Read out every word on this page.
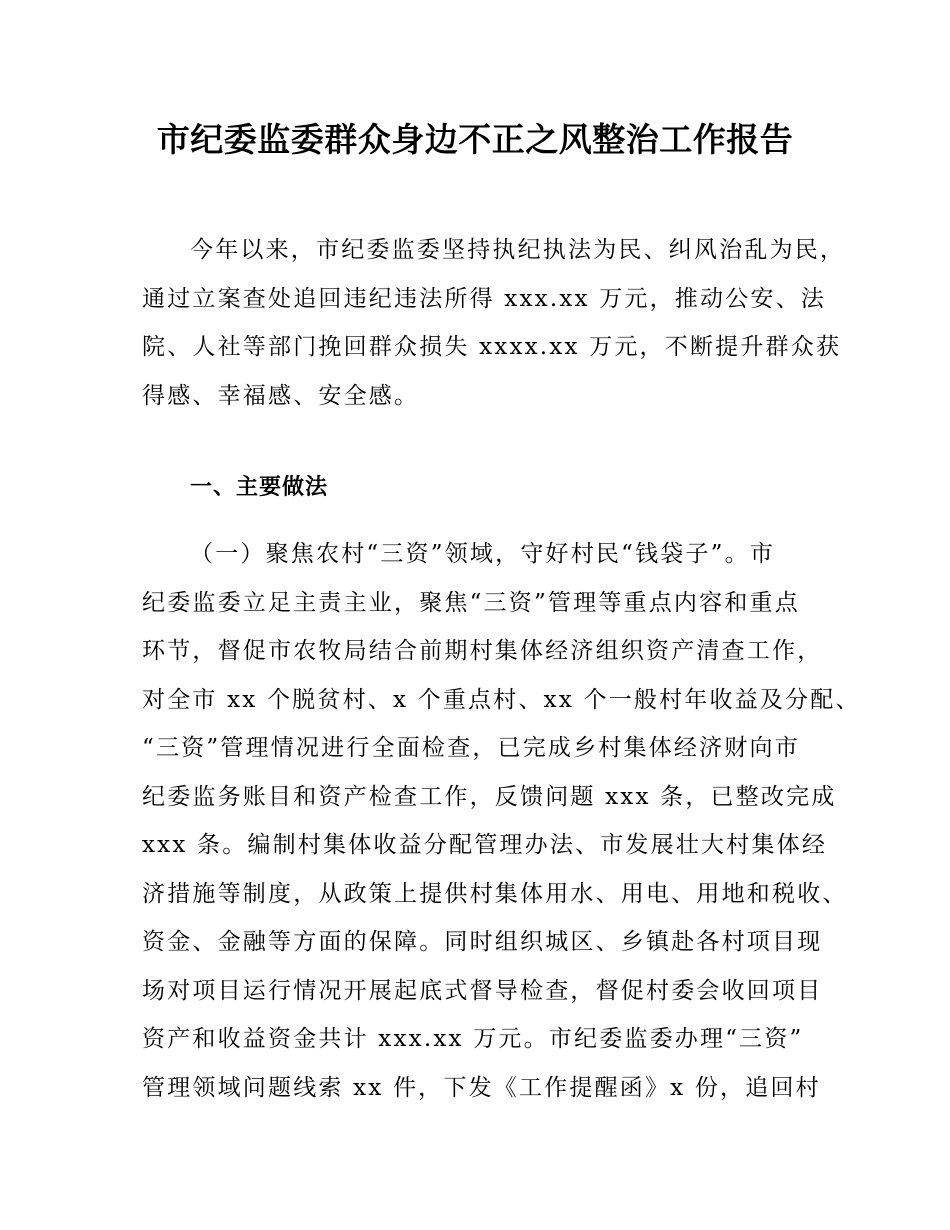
市纪委监委群众身边不正之风整治工作报告
今年以来，市纪委监委坚持执纪执法为民、纠风治乱为民，
通过立案查处追回违纪违法所得 xxx.xx 万元，推动公安、法
院、人社等部门挽回群众损失 xxxx.xx 万元，不断提升群众获
得感、幸福感、安全感。
一、主要做法
（一）聚焦农村“三资”领域，守好村民“钱袋子”。市
纪委监委立足主责主业，聚焦“三资”管理等重点内容和重点
环节，督促市农牧局结合前期村集体经济组织资产清查工作，
对全市 xx 个脱贫村、x 个重点村、xx 个一般村年收益及分配、
“三资”管理情况进行全面检查，已完成乡村集体经济财向市
纪委监务账目和资产检查工作，反馈问题 xxx 条，已整改完成
xxx 条。编制村集体收益分配管理办法、市发展壮大村集体经
济措施等制度，从政策上提供村集体用水、用电、用地和税收、
资金、金融等方面的保障。同时组织城区、乡镇赴各村项目现
场对项目运行情况开展起底式督导检查，督促村委会收回项目
资产和收益资金共计 xxx.xx 万元。市纪委监委办理“三资”
管理领域问题线索 xx 件，下发《工作提醒函》x 份，追回村
